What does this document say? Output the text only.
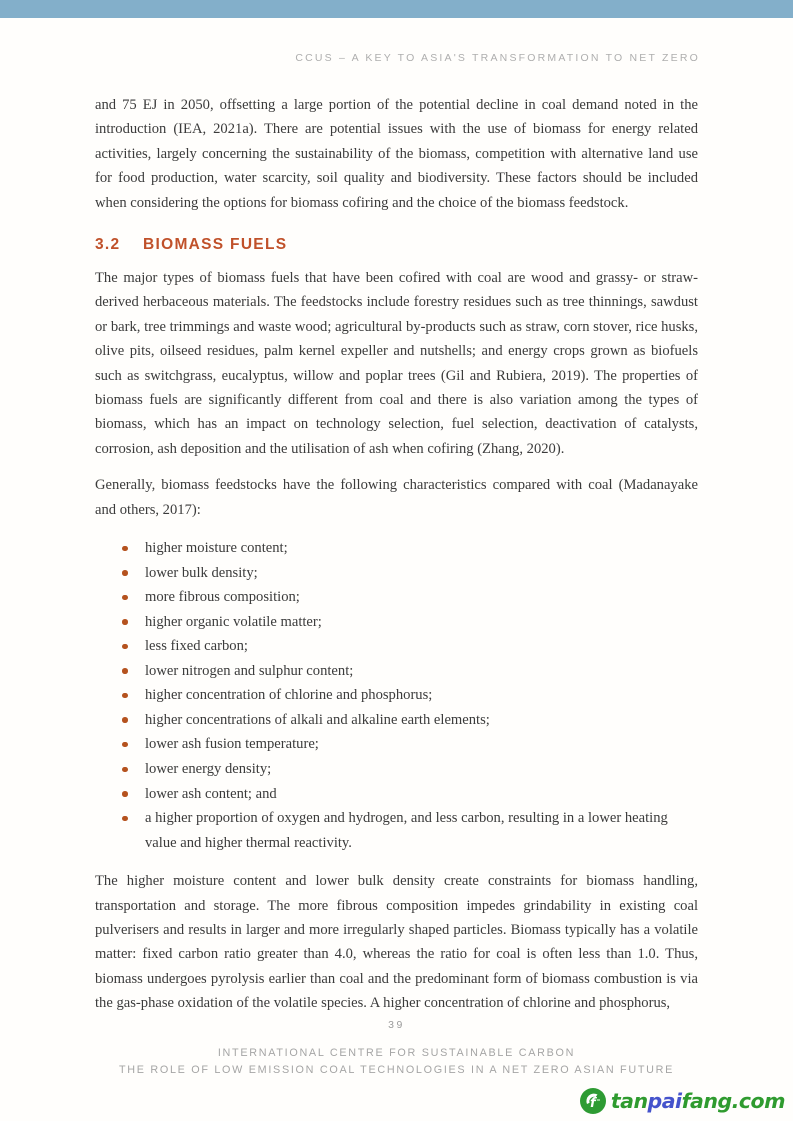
CCUS – A KEY TO ASIA'S TRANSFORMATION TO NET ZERO

and 75 EJ in 2050, offsetting a large portion of the potential decline in coal demand noted in the introduction (IEA, 2021a). There are potential issues with the use of biomass for energy related activities, largely concerning the sustainability of the biomass, competition with alternative land use for food production, water scarcity, soil quality and biodiversity. These factors should be included when considering the options for biomass cofiring and the choice of the biomass feedstock.

3.2	BIOMASS FUELS

The major types of biomass fuels that have been cofired with coal are wood and grassy- or straw-derived herbaceous materials. The feedstocks include forestry residues such as tree thinnings, sawdust or bark, tree trimmings and waste wood; agricultural by-products such as straw, corn stover, rice husks, olive pits, oilseed residues, palm kernel expeller and nutshells; and energy crops grown as biofuels such as switchgrass, eucalyptus, willow and poplar trees (Gil and Rubiera, 2019). The properties of biomass fuels are significantly different from coal and there is also variation among the types of biomass, which has an impact on technology selection, fuel selection, deactivation of catalysts, corrosion, ash deposition and the utilisation of ash when cofiring (Zhang, 2020).

Generally, biomass feedstocks have the following characteristics compared with coal (Madanayake and others, 2017):

higher moisture content;
lower bulk density;
more fibrous composition;
higher organic volatile matter;
less fixed carbon;
lower nitrogen and sulphur content;
higher concentration of chlorine and phosphorus;
higher concentrations of alkali and alkaline earth elements;
lower ash fusion temperature;
lower energy density;
lower ash content; and
a higher proportion of oxygen and hydrogen, and less carbon, resulting in a lower heating value and higher thermal reactivity.

The higher moisture content and lower bulk density create constraints for biomass handling, transportation and storage. The more fibrous composition impedes grindability in existing coal pulverisers and results in larger and more irregularly shaped particles. Biomass typically has a volatile matter: fixed carbon ratio greater than 4.0, whereas the ratio for coal is often less than 1.0. Thus, biomass undergoes pyrolysis earlier than coal and the predominant form of biomass combustion is via the gas-phase oxidation of the volatile species. A higher concentration of chlorine and phosphorus,

39
INTERNATIONAL CENTRE FOR SUSTAINABLE CARBON
THE ROLE OF LOW EMISSION COAL TECHNOLOGIES IN A NET ZERO ASIAN FUTURE
f tanpaifang.com
